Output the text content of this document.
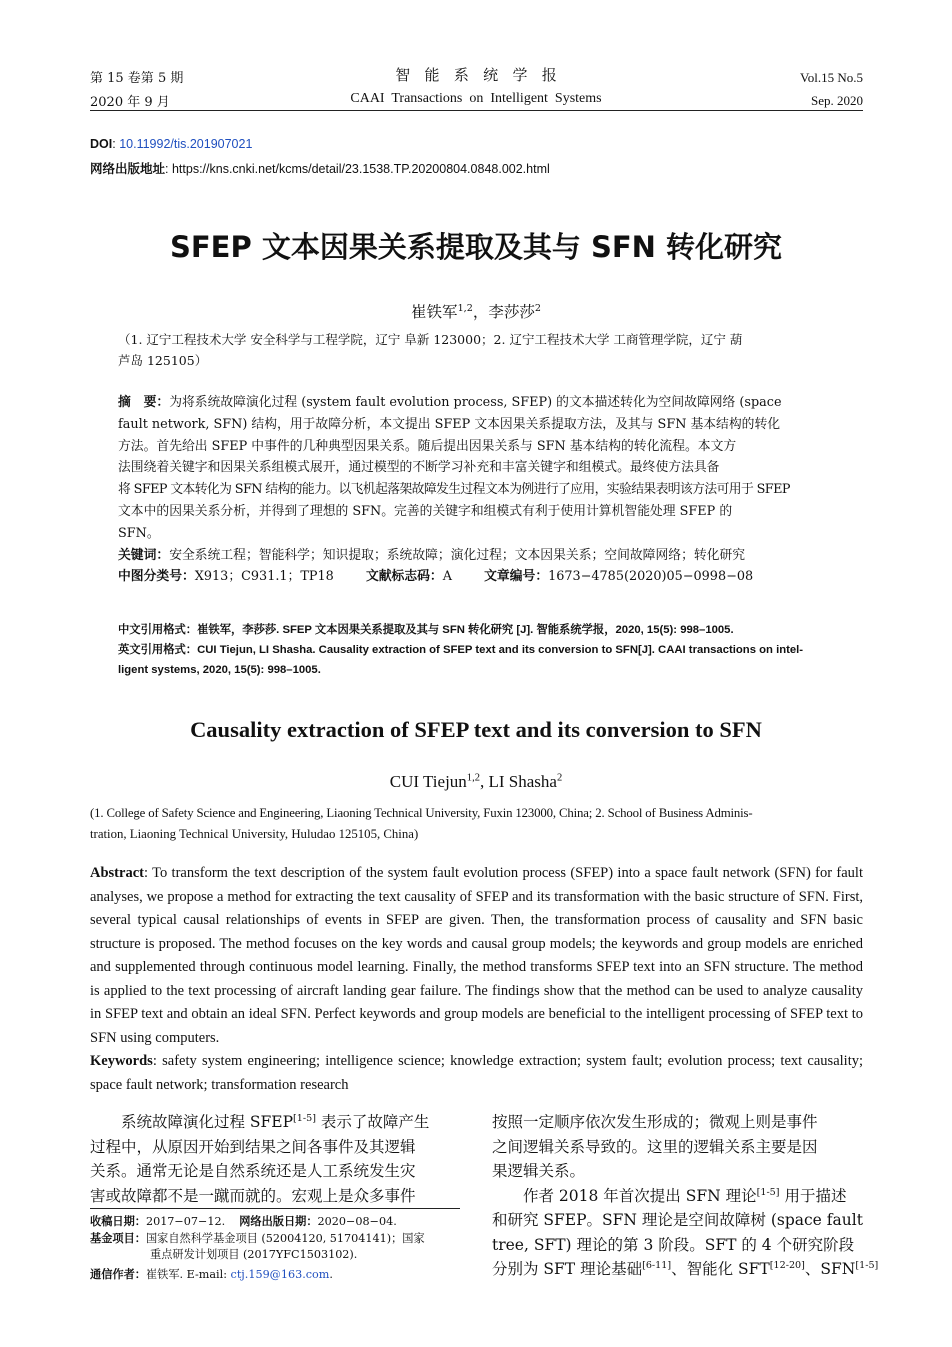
第 15 卷第 5 期
2020 年 9 月
智   能   系   统   学   报
CAAI  Transactions  on  Intelligent  Systems
Vol.15 No.5
Sep. 2020
DOI: 10.11992/tis.201907021
网络出版地址: https://kns.cnki.net/kcms/detail/23.1538.TP.20200804.0848.002.html
SFEP 文本因果关系提取及其与 SFN 转化研究
崔铁军$^{1,2}$，李莎莎$^2$
（1. 辽宁工程技术大学 安全科学与工程学院，辽宁 阜新 123000；2. 辽宁工程技术大学 工商管理学院，辽宁 葫
芦岛 125105）
摘　要：为将系统故障演化过程 (system fault evolution process, SFEP) 的文本描述转化为空间故障网络 (space
fault network, SFN) 结构，用于故障分析，本文提出 SFEP 文本因果关系提取方法，及其与 SFN 基本结构的转化
方法。首先给出 SFEP 中事件的几种典型因果关系。随后提出因果关系与 SFN 基本结构的转化流程。本文方
法围绕着关键字和因果关系组模式展开，通过模型的不断学习补充和丰富关键字和组模式。最终使方法具备
将 SFEP 文本转化为 SFN 结构的能力。以飞机起落架故障发生过程文本为例进行了应用，实验结果表明该方法可用于 SFEP
文本中的因果关系分析，并得到了理想的 SFN。完善的关键字和组模式有利于使用计算机智能处理 SFEP 的
SFN。
关键词：安全系统工程；智能科学；知识提取；系统故障；演化过程；文本因果关系；空间故障网络；转化研究
中图分类号：X913；C931.1；TP18	文献标志码：A	文章编号：1673−4785(2020)05−0998−08
中文引用格式：崔铁军，李莎莎. SFEP 文本因果关系提取及其与 SFN 转化研究 [J]. 智能系统学报，2020, 15(5): 998–1005.
英文引用格式：CUI Tiejun, LI Shasha. Causality extraction of SFEP text and its conversion to SFN[J]. CAAI transactions on intel-
ligent systems, 2020, 15(5): 998–1005.
Causality extraction of SFEP text and its conversion to SFN
CUI Tiejun$^{1,2}$, LI Shasha$^2$
(1. College of Safety Science and Engineering, Liaoning Technical University, Fuxin 123000, China; 2. School of Business Adminis-
tration, Liaoning Technical University, Huludao 125105, China)
Abstract: To transform the text description of the system fault evolution process (SFEP) into a space fault network (SFN) for fault analyses, we propose a method for extracting the text causality of SFEP and its transformation with the basic structure of SFN. First, several typical causal relationships of events in SFEP are given. Then, the transformation process of causality and SFN basic structure is proposed. The method focuses on the key words and causal group models; the keywords and group models are enriched and supplemented through continuous model learning. Finally, the method transforms SFEP text into an SFN structure. The method is applied to the text processing of aircraft landing gear failure. The findings show that the method can be used to analyze causality in SFEP text and obtain an ideal SFN. Perfect keywords and group models are beneficial to the intelligent processing of SFEP text to SFN using computers.
Keywords: safety system engineering; intelligence science; knowledge extraction; system fault; evolution process; text causality; space fault network; transformation research
　　系统故障演化过程 SFEP[1-5] 表示了故障产生
过程中，从原因开始到结果之间各事件及其逻辑
关系。通常无论是自然系统还是人工系统发生灾
害或故障都不是一蹴而就的。宏观上是众多事件
收稿日期：2017−07−12. 网络出版日期：2020−08−04.
基金项目：国家自然科学基金项目 (52004120, 51704141)；国家
重点研发计划项目 (2017YFC1503102).
通信作者：崔铁军. E-mail: ctj.159@163.com.
按照一定顺序依次发生形成的；微观上则是事件
之间逻辑关系导致的。这里的逻辑关系主要是因
果逻辑关系。
　　作者 2018 年首次提出 SFN 理论[1-5] 用于描述
和研究 SFEP。SFN 理论是空间故障树 (space fault
tree, SFT) 理论的第 3 阶段。SFT 的 4 个研究阶段
分别为 SFT 理论基础[6-11]、智能化 SFT[12-20]、SFN[1-5]
